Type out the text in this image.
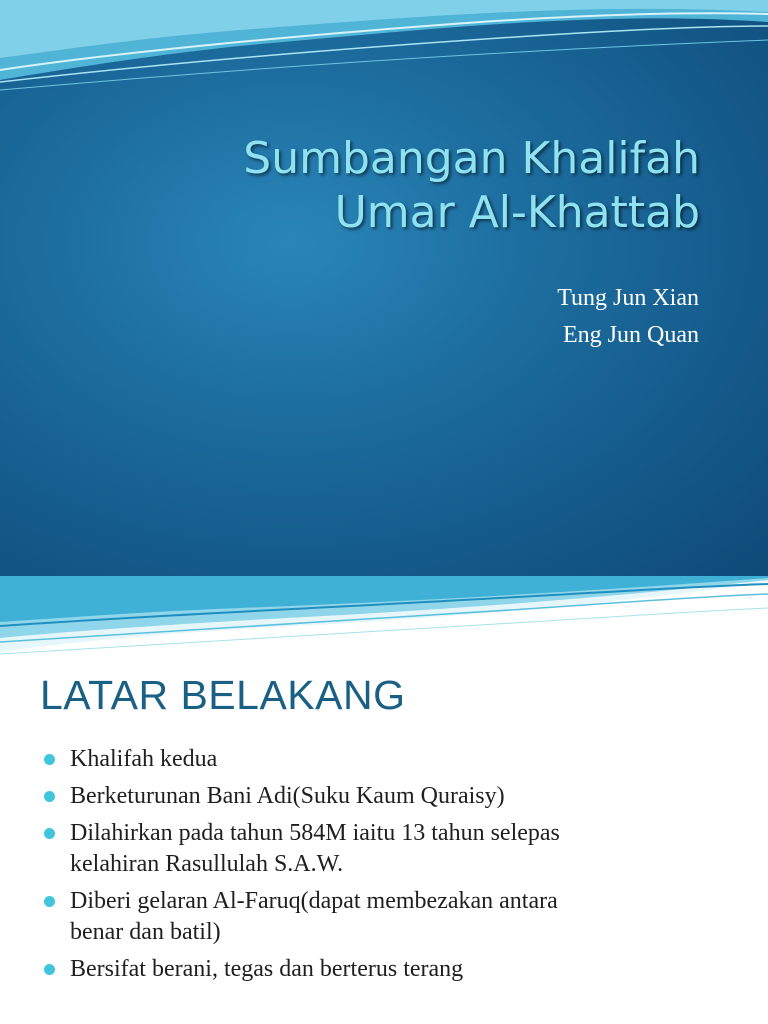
Sumbangan Khalifah
Umar Al-Khattab
Tung Jun Xian
Eng Jun Quan
LATAR BELAKANG
Khalifah kedua
Berketurunan Bani Adi(Suku Kaum Quraisy)
Dilahirkan pada tahun 584M iaitu 13 tahun selepas
kelahiran Rasullulah S.A.W.
Diberi gelaran Al-Faruq(dapat membezakan antara
benar dan batil)
Bersifat berani, tegas dan berterus terang
